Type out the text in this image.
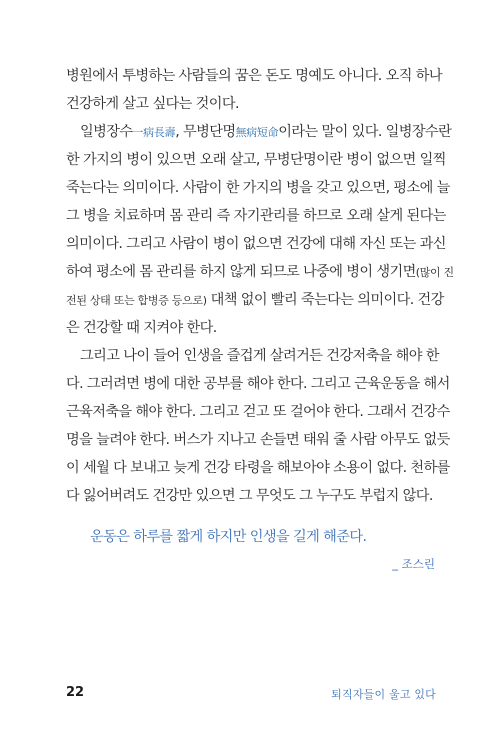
병원에서 투병하는 사람들의 꿈은 돈도 명예도 아니다. 오직 하나
건강하게 살고 싶다는 것이다.
일병장수一病長壽, 무병단명無病短命이라는 말이 있다. 일병장수란
한 가지의 병이 있으면 오래 살고, 무병단명이란 병이 없으면 일찍
죽는다는 의미이다. 사람이 한 가지의 병을 갖고 있으면, 평소에 늘
그 병을 치료하며 몸 관리 즉 자기관리를 하므로 오래 살게 된다는
의미이다. 그리고 사람이 병이 없으면 건강에 대해 자신 또는 과신
하여 평소에 몸 관리를 하지 않게 되므로 나중에 병이 생기면(많이 진
전된 상태 또는 합병증 등으로) 대책 없이 빨리 죽는다는 의미이다. 건강
은 건강할 때 지켜야 한다.
그리고 나이 들어 인생을 즐겁게 살려거든 건강저축을 해야 한
다. 그러려면 병에 대한 공부를 해야 한다. 그리고 근육운동을 해서
근육저축을 해야 한다. 그리고 걷고 또 걸어야 한다. 그래서 건강수
명을 늘려야 한다. 버스가 지나고 손들면 태워 줄 사람 아무도 없듯
이 세월 다 보내고 늦게 건강 타령을 해보아야 소용이 없다. 천하를
다 잃어버려도 건강만 있으면 그 무엇도 그 누구도 부럽지 않다.
운동은 하루를 짧게 하지만 인생을 길게 해준다.
_ 조스린
22	퇴직자들이 울고 있다
